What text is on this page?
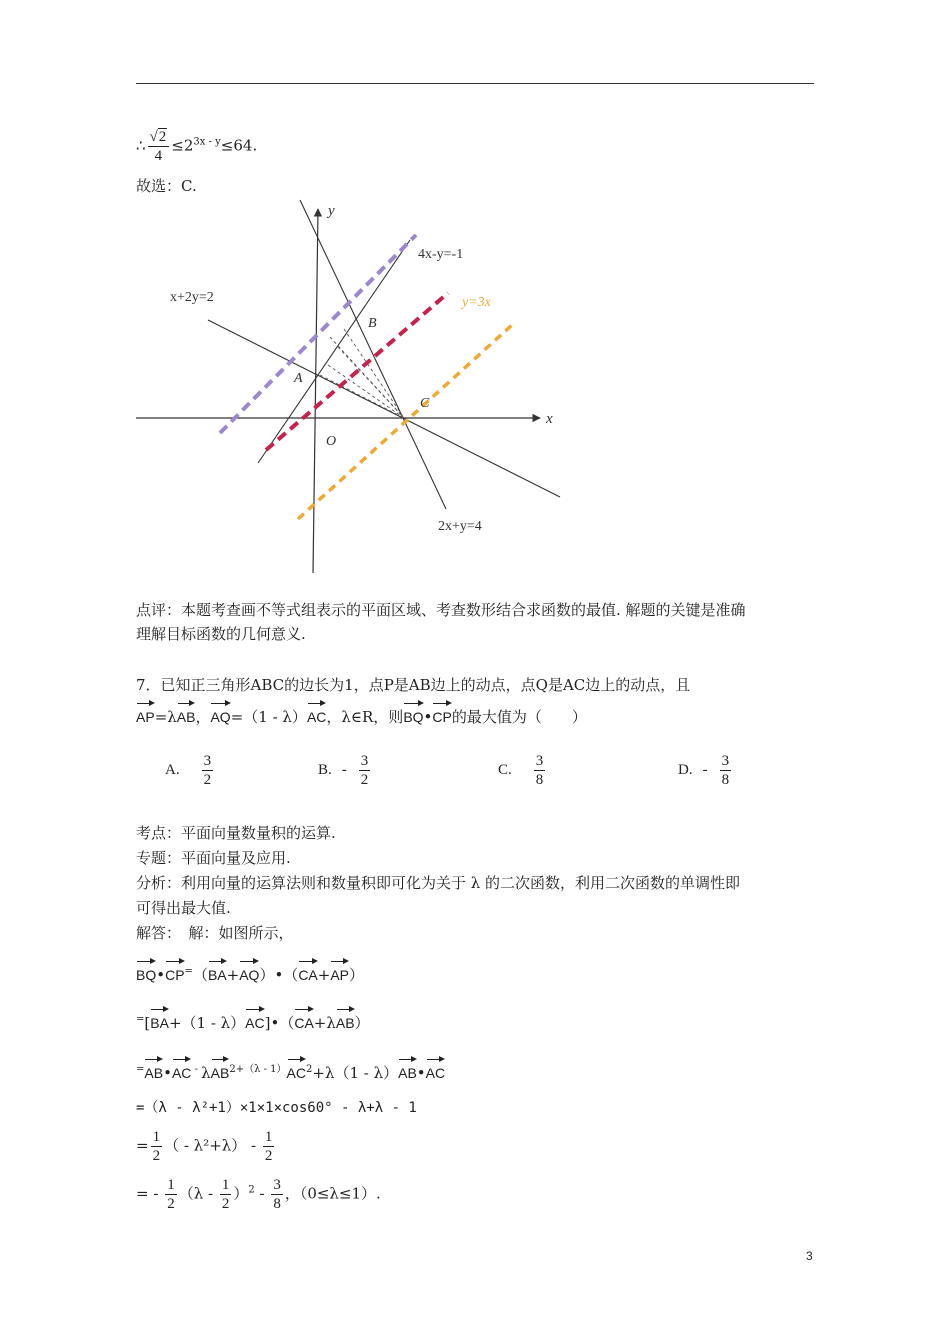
∴ $\frac{√2}{4} \le 2^{3x - y}\le 64$.
故选：C.
y
x
O
A
B
C
x+2y=2
4x-y=-1
y=3x
2x+y=4
点评：本题考查画不等式组表示的平面区域、考查数形结合求函数的最值. 解题的关键是准确
理解目标函数的几何意义.
7．已知正三角形ABC的边长为1，点P是AB边上的动点，点Q是AC边上的动点，且
AP=λAB，AQ=（1 - λ）AC，λ∈R，则BQ•CP的最大值为（　　）
A. $\frac{3}{2}$	B. - $\frac{3}{2}$	C. $\frac{3}{8}$	D. - $\frac{3}{8}$
考点：平面向量数量积的运算.
专题：平面向量及应用.
分析：利用向量的运算法则和数量积即可化为关于 λ 的二次函数，利用二次函数的单调性即
可得出最大值.
解答：　解：如图所示，
BQ•CP=（BA+AQ）•（CA+AP）
=[BA+（1 - λ）AC]•（CA+λAB）
=AB•AC - $\lambda AB^{2+(\lambda - 1)}AC^2+\lambda(1$ - λ）AB•AC
=（λ - λ²+1）×1×1×cos60° - λ+λ - 1
= $\frac{1}{2}$ （ - $\lambda^2+\lambda) - \frac{1}{2}$
= - $\frac{1}{2} (\lambda - \frac{1}{2} )^2 - \frac{3}{8}$ ，（0≤λ≤1）.
3
